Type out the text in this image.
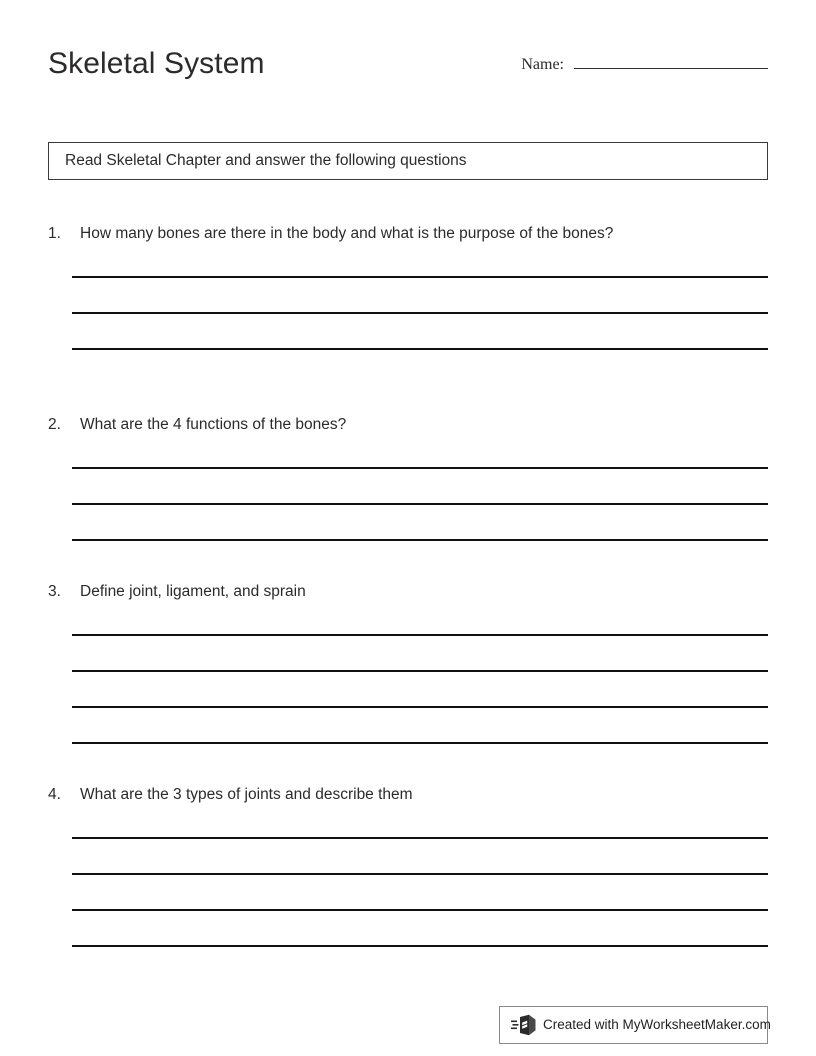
Skeletal System	Name:
Read Skeletal Chapter and answer the following questions
1.	How many bones are there in the body and what is the purpose of the bones?
2.	What are the 4 functions of the bones?
3.	Define joint, ligament, and sprain
4.	What are the 3 types of joints and describe them
Created with MyWorksheetMaker.com
